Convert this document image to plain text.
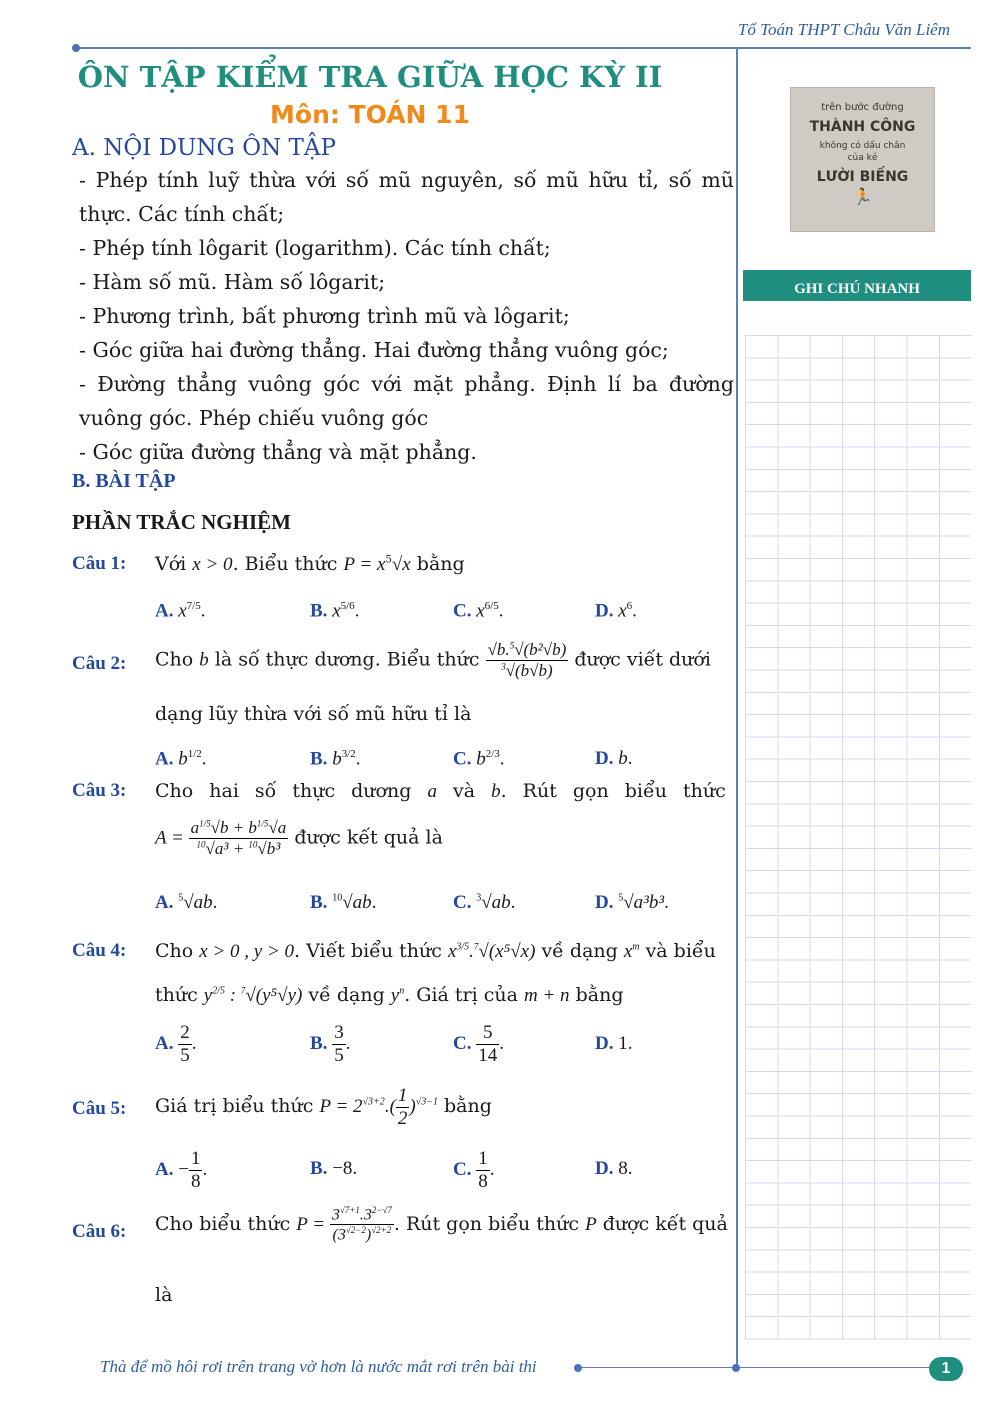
Tổ Toán THPT Châu Văn Liêm
ÔN TẬP KIỂM TRA GIỮA HỌC KỲ II
Môn: TOÁN 11
A. NỘI DUNG ÔN TẬP

- Phép tính luỹ thừa với số mũ nguyên, số mũ hữu tỉ, số mũ thực. Các tính chất;

- Phép tính lôgarit (logarithm). Các tính chất;

- Hàm số mũ. Hàm số lôgarit;

- Phương trình, bất phương trình mũ và lôgarit;

- Góc giữa hai đường thẳng. Hai đường thẳng vuông góc;

- Đường thẳng vuông góc với mặt phẳng. Định lí ba đường vuông góc. Phép chiếu vuông góc

- Góc giữa đường thẳng và mặt phẳng.

B. BÀI TẬP
PHẦN TRẮC NGHIỆM
Câu 1: Với x > 0. Biểu thức $P = x^5√x$ bằng
A. $x^{7/5}$.	B. $x^{5/6}$.	C. $x^{6/5}$.	D. $x^6$.
Câu 2: Cho b là số thực dương. Biểu thức $\frac{√b.^5√(b^2√b)}{^3√(b√b)}$ được viết dưới
dạng lũy thừa với số mũ hữu tỉ là
A. $b^{1/2}$.	B. $b^{3/2}$.	C. $b^{2/3}$.	D. b.
Câu 3: Cho hai số thực dương a và b. Rút gọn biểu thức
$A = \frac{a^{1/5}√b + b^{1/5}√a}{^{10}√a^3 + ^{10}√b^3}$ được kết quả là
A. $^5$√ab.	B. $^{10}$√ab.	C. $^3$√ab.	D. $^5$√a³b³.
Câu 4: Cho x > 0 , y > 0. Viết biểu thức $x^{3/5}.^7√(x^5√x)$ về dạng $x^m$ và biểu
thức $y^{2/5}$ : $^7$√(y⁵√y) về dạng $y^n$. Giá trị của m + n bằng
A. $\frac{2}{5}$ .	B. $\frac{3}{5}$ .	C. $\frac{5}{14}$ .	D. 1.
Câu 5: Giá trị biểu thức $P = 2^{√3+2}.( \frac{1}{2} )^{√3-1}$ bằng
A. − $\frac{1}{8}$ .	B. −8.	C. $\frac{1}{8}$ .	D. 8.
Câu 6: Cho biểu thức $P = \frac{3^{√7+1}.3^{2-√7}}{(3^{√2-2})^{√2+2}}$ . Rút gọn biểu thức P được kết quả
là
trên bước đường
THÀNH CÔNG
không có dấu chân
của kẻ
LƯỜI BIẾNG
🏃
GHI CHÚ NHANH
Thà để mồ hôi rơi trên trang vở hơn là nước mắt rơi trên bài thi	1
